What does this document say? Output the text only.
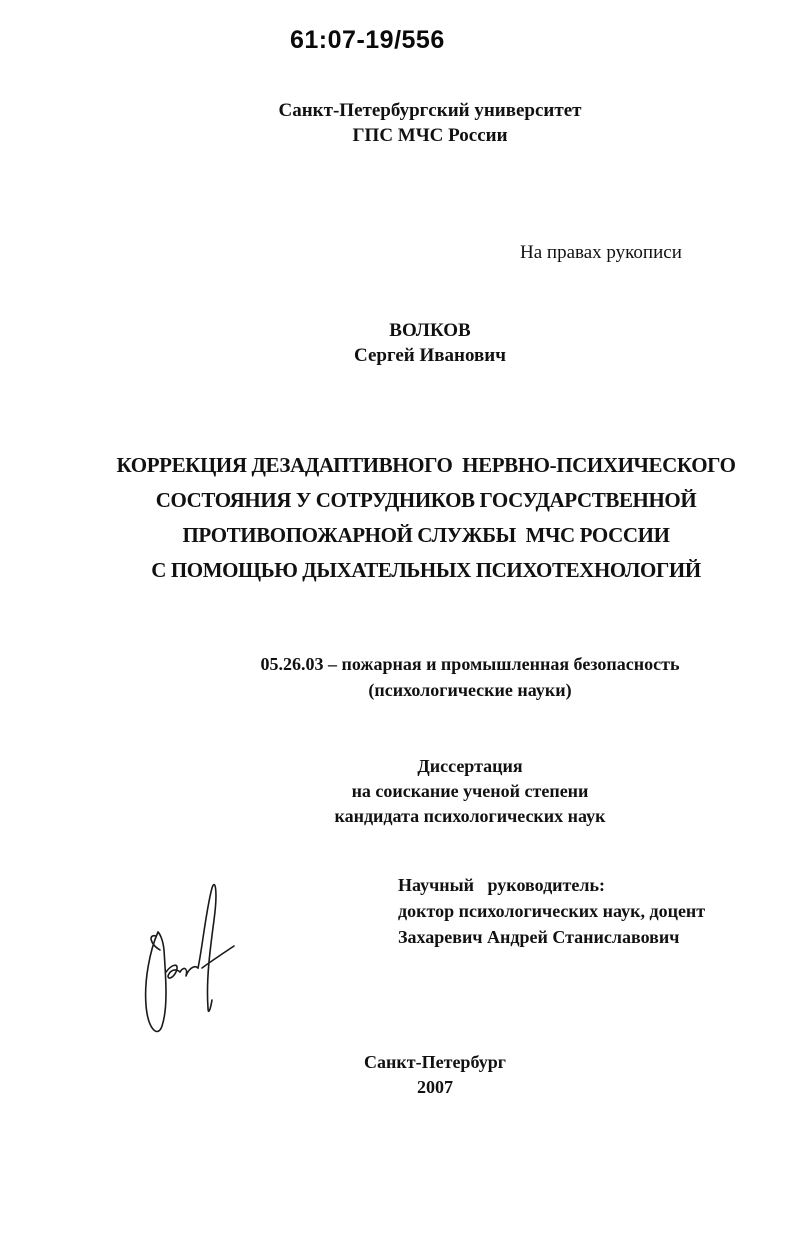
61:07-19/556
Санкт-Петербургский университет
ГПС МЧС России
На правах рукописи
ВОЛКОВ
Сергей Иванович
КОРРЕКЦИЯ ДЕЗАДАПТИВНОГО  НЕРВНО-ПСИХИЧЕСКОГО
СОСТОЯНИЯ У СОТРУДНИКОВ ГОСУДАРСТВЕННОЙ
ПРОТИВОПОЖАРНОЙ СЛУЖБЫ  МЧС РОССИИ
С ПОМОЩЬЮ ДЫХАТЕЛЬНЫХ ПСИХОТЕХНОЛОГИЙ
05.26.03 – пожарная и промышленная безопасность
(психологические науки)
Диссертация
на соискание ученой степени
кандидата психологических наук
Научный   руководитель:
доктор психологических наук, доцент
Захаревич Андрей Станиславович
Санкт-Петербург
2007
